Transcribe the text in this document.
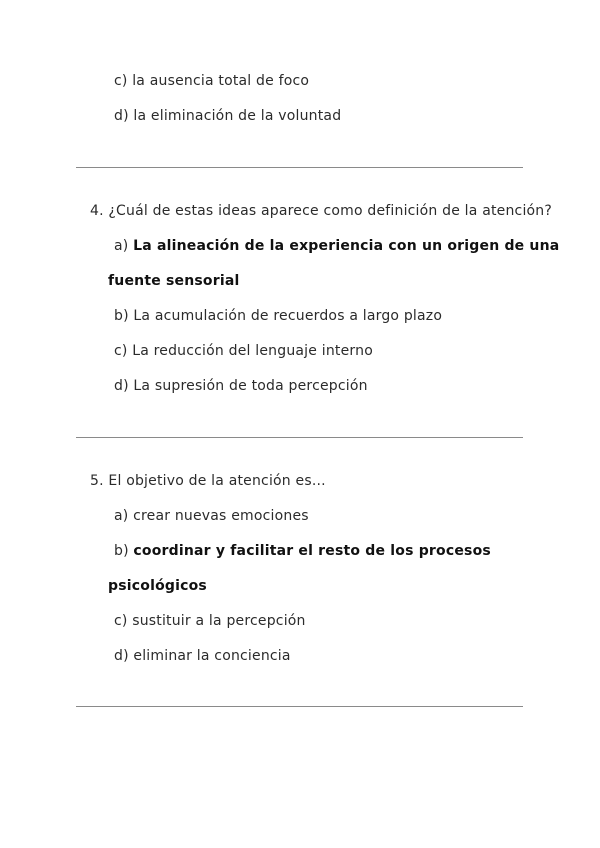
c) la ausencia total de foco
d) la eliminación de la voluntad
4. ¿Cuál de estas ideas aparece como definición de la atención?
a) La alineación de la experiencia con un origen de una
fuente sensorial
b) La acumulación de recuerdos a largo plazo
c) La reducción del lenguaje interno
d) La supresión de toda percepción
5. El objetivo de la atención es...
a) crear nuevas emociones
b) coordinar y facilitar el resto de los procesos
psicológicos
c) sustituir a la percepción
d) eliminar la conciencia
